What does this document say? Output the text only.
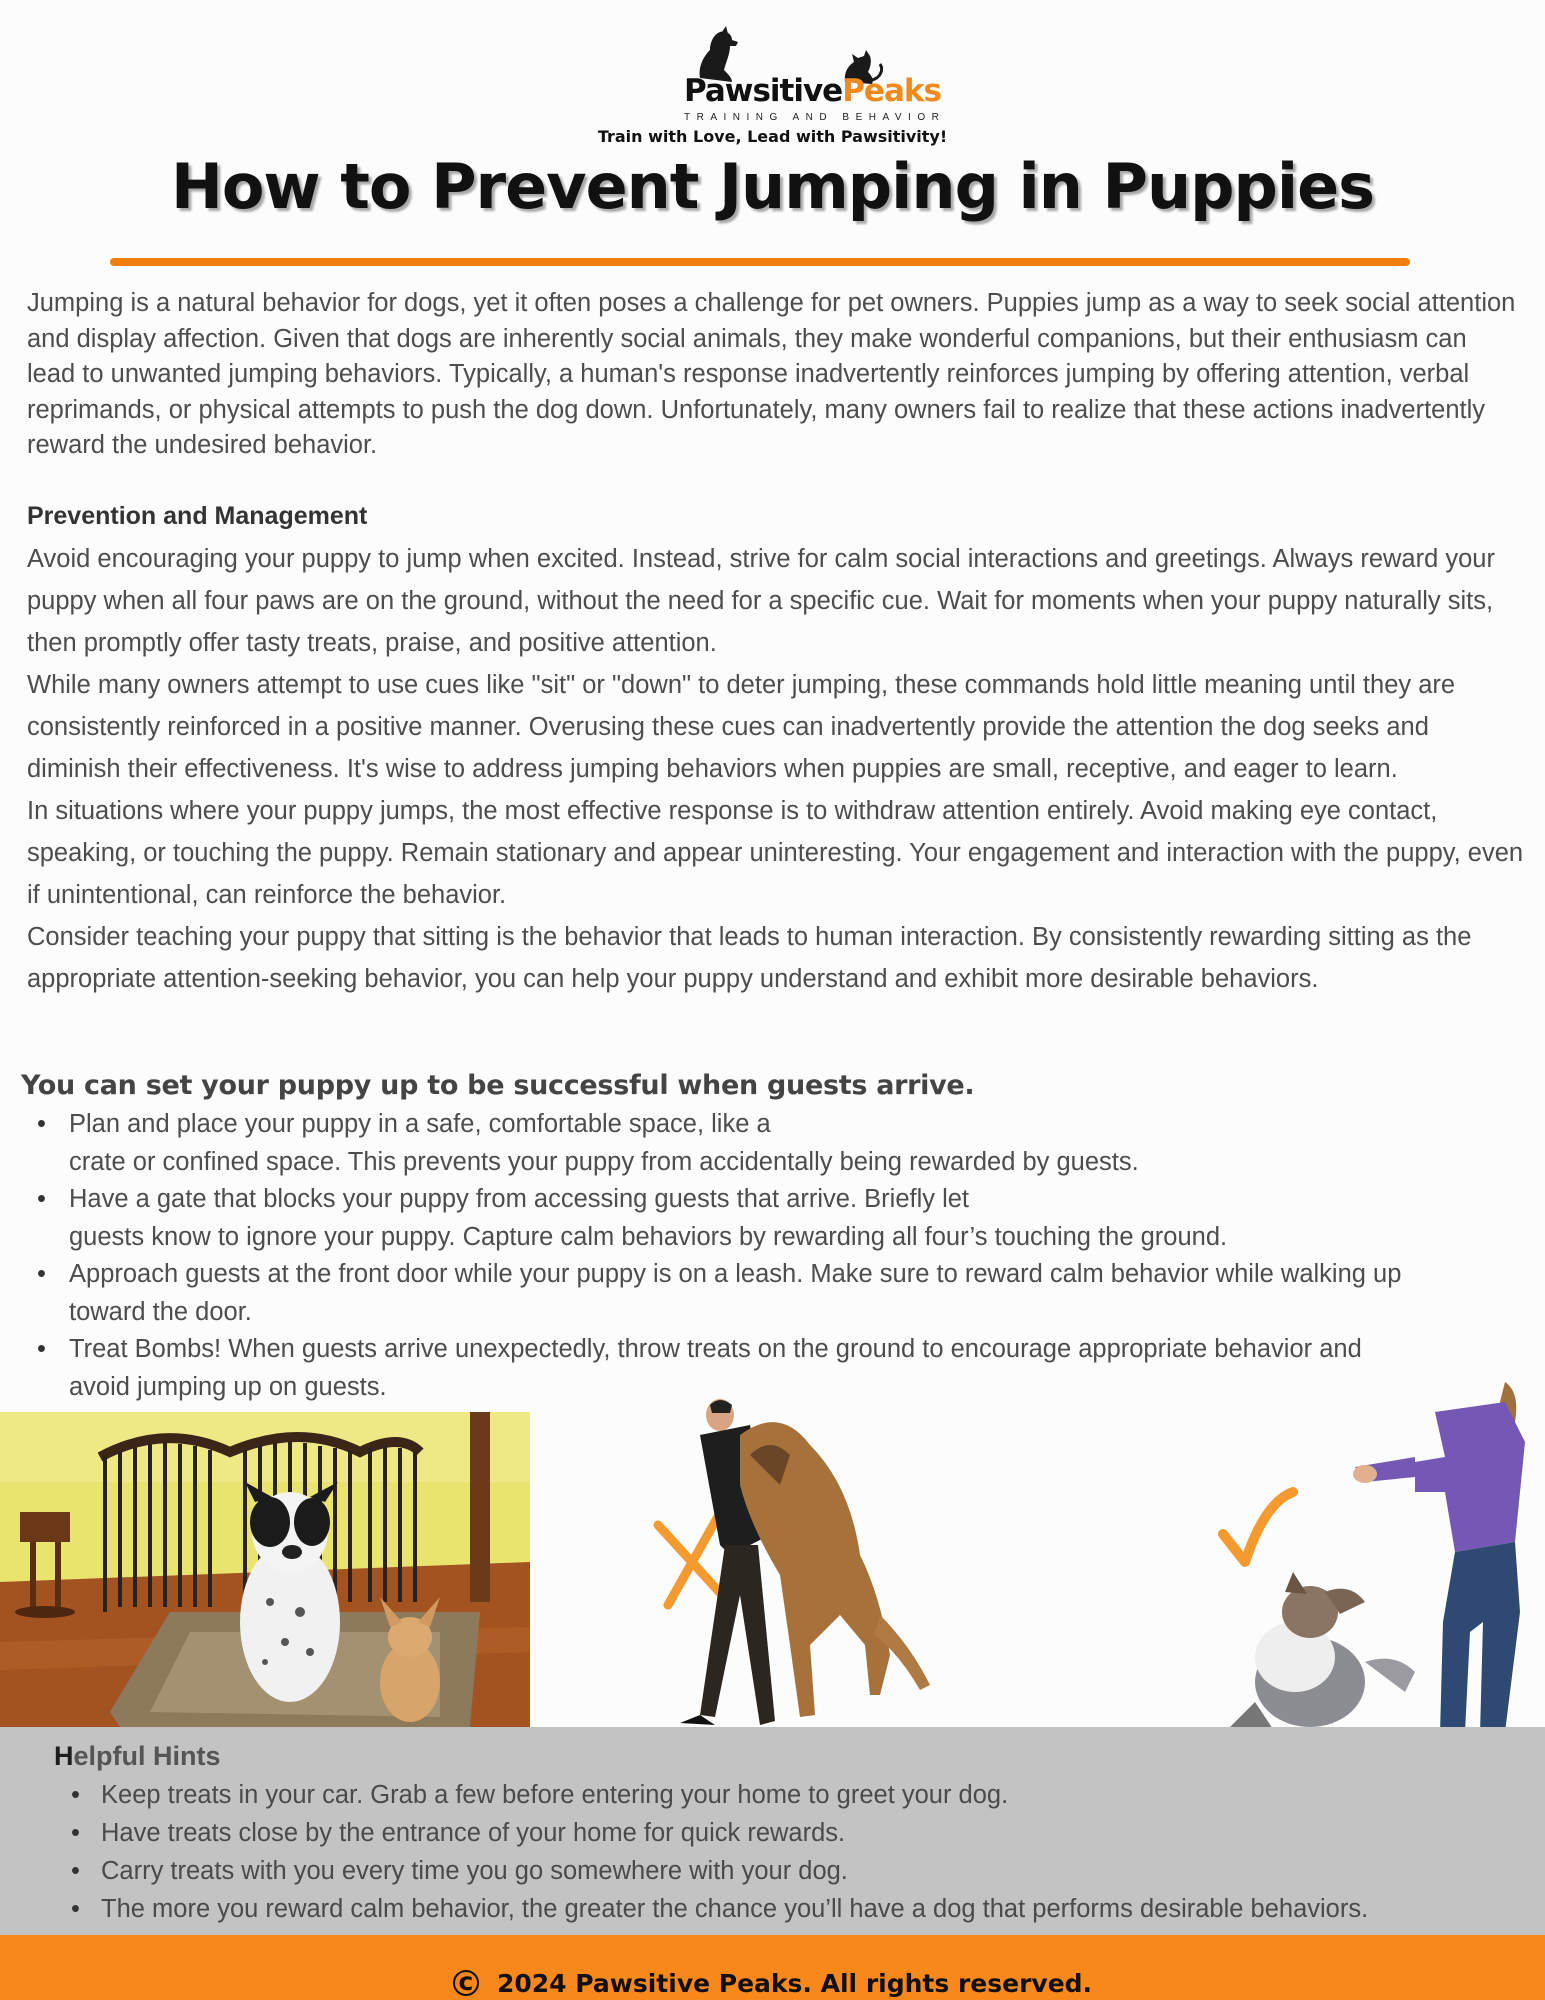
PawsitivePeaks
TRAINING AND BEHAVIOR
Train with Love, Lead with Pawsitivity!
How to Prevent Jumping in Puppies
Jumping is a natural behavior for dogs, yet it often poses a challenge for pet owners. Puppies jump as a way to seek social attention and display affection. Given that dogs are inherently social animals, they make wonderful companions, but their enthusiasm can lead to unwanted jumping behaviors. Typically, a human's response inadvertently reinforces jumping by offering attention, verbal reprimands, or physical attempts to push the dog down. Unfortunately, many owners fail to realize that these actions inadvertently reward the undesired behavior.
Prevention and Management

Avoid encouraging your puppy to jump when excited. Instead, strive for calm social interactions and greetings. Always reward your puppy when all four paws are on the ground, without the need for a specific cue. Wait for moments when your puppy naturally sits, then promptly offer tasty treats, praise, and positive attention.

While many owners attempt to use cues like "sit" or "down" to deter jumping, these commands hold little meaning until they are consistently reinforced in a positive manner. Overusing these cues can inadvertently provide the attention the dog seeks and diminish their effectiveness. It's wise to address jumping behaviors when puppies are small, receptive, and eager to learn.

In situations where your puppy jumps, the most effective response is to withdraw attention entirely. Avoid making eye contact, speaking, or touching the puppy. Remain stationary and appear uninteresting. Your engagement and interaction with the puppy, even if unintentional, can reinforce the behavior.

Consider teaching your puppy that sitting is the behavior that leads to human interaction. By consistently rewarding sitting as the appropriate attention-seeking behavior, you can help your puppy understand and exhibit more desirable behaviors.

You can set your puppy up to be successful when guests arrive.
• Plan and place your puppy in a safe, comfortable space, like a
crate or confined space. This prevents your puppy from accidentally being rewarded by guests.
• Have a gate that blocks your puppy from accessing guests that arrive. Briefly let
guests know to ignore your puppy. Capture calm behaviors by rewarding all four’s touching the ground.
• Approach guests at the front door while your puppy is on a leash. Make sure to reward calm behavior while walking up
toward the door.
• Treat Bombs! When guests arrive unexpectedly, throw treats on the ground to encourage appropriate behavior and
avoid jumping up on guests.
Helpful Hints
• Keep treats in your car. Grab a few before entering your home to greet your dog.
• Have treats close by the entrance of your home for quick rewards.
• Carry treats with you every time you go somewhere with your dog.
• The more you reward calm behavior, the greater the chance you’ll have a dog that performs desirable behaviors.
c 2024 Pawsitive Peaks. All rights reserved.
